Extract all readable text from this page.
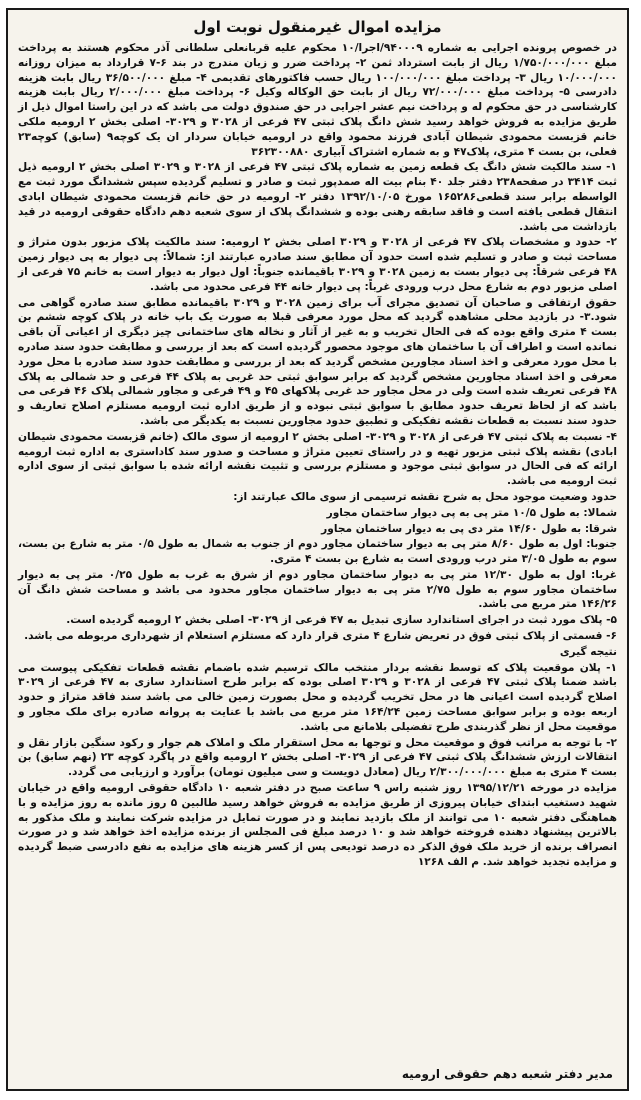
مزایده اموال غیرمنقول نوبت اول
در خصوص پرونده اجرایی به شماره ۹۴۰۰۰۹/اجرا/۱۰ محکوم علیه قربانعلی سلطانی آذر محکوم هستند به پرداخت مبلغ ۱/۷۵۰/۰۰۰/۰۰۰ ریال از بابت استرداد ثمن ۲- پرداخت ضرر و زیان مندرج در بند ۶-۷ قرارداد به میزان روزانه ۱۰/۰۰۰/۰۰۰ ریال ۳- پرداخت مبلغ ۱۰۰/۰۰۰/۰۰۰ ریال حسب فاکتورهای تقدیمی ۴- مبلغ ۳۶/۵۰۰/۰۰۰ ریال بابت هزینه دادرسی ۵- پرداخت مبلغ ۷۲/۰۰۰/۰۰۰ ریال از بابت حق الوکاله وکیل ۶- پرداخت مبلغ ۲/۰۰۰/۰۰۰ ریال بابت هزینه کارشناسی در حق محکوم له و پرداخت نیم عشر اجرایی در حق صندوق دولت می باشد که در این راستا اموال ذیل از طریق مزایده به فروش خواهد رسید شش دانگ پلاک ثبتی ۴۷ فرعی از ۳۰۲۸ و ۳۰۲۹- اصلی بخش ۲ ارومیه ملکی خانم قزبست محمودی شیطان آبادی فرزند محمود واقع در ارومیه خیابان سردار ان یک کوچه۹ (سابق) کوچه۲۳ فعلی، بن بست ۴ متری، پلاک۴۷ و به شماره اشتراک آبیاری ۳۶۲۳۰۰۸۸۰
۱- سند مالکیت شش دانگ یک قطعه زمین به شماره پلاک ثبتی ۴۷ فرعی از ۳۰۲۸ و ۳۰۲۹ اصلی بخش ۲ ارومیه ذیل ثبت ۳۴۱۴ در صفحه۲۳۸ دفتر جلد ۴۰ بنام بیت اله صمدپور ثبت و صادر و تسلیم گردیده سپس ششدانگ مورد ثبت مع الواسطه برابر سند قطعی۱۶۵۲۸۶ مورخ ۱۳۹۲/۱۰/۰۵ دفتر ۲- ارومیه در حق خانم قزبست محمودی شیطان ابادی انتقال قطعی یافته است و فاقد سابقه رهنی بوده و ششدانگ پلاک از سوی شعبه دهم دادگاه حقوقی ارومیه در قید بازداشت می باشد.
۲- حدود و مشخصات پلاک ۴۷ فرعی از ۳۰۲۸ و ۳۰۲۹ اصلی بخش ۲ ارومیه: سند مالکیت پلاک مزبور بدون متراژ و مساحت ثبت و صادر و تسلیم شده است حدود آن مطابق سند صادره عبارتند از: شمالاً: پی دیوار به پی دیوار زمین ۴۸ فرعی شرقاً: پی دیوار بست به زمین ۳۰۲۸ و ۳۰۲۹ باقیمانده جنوباً: اول دیوار به دیوار است به خانم ۷۵ فرعی از اصلی مزبور دوم به شارع محل درب ورودی غرباً: پی دیوار خانه ۴۴ فرعی محدود می باشد.
حقوق ارتفاقی و صاحبان آن تصدیق مجرای آب برای زمین ۳۰۲۸ و ۳۰۲۹ باقیمانده مطابق سند صادره گواهی می شود.۳- در بازدید محلی مشاهده گردید که محل مورد معرفی قبلا به صورت یک باب خانه در پلاک کوچه ششم بن بست ۴ متری واقع بوده که فی الحال تخریب و به غیر از آثار و نخاله های ساختمانی چیز دیگری از اعیانی آن باقی نمانده است و اطراف آن با ساختمان های موجود محصور گردیده است که بعد از بررسی و مطابقت حدود سند صادره با محل مورد معرفی و اخذ اسناد مجاورین مشخص گردید که بعد از بررسی و مطابقت حدود سند صادره با محل مورد معرفی و اخذ اسناد مجاورین مشخص گردید که برابر سوابق ثبتی حد غربی به پلاک ۴۴ فرعی و حد شمالی به پلاک ۴۸ فرعی تعریف شده است ولی در محل مجاور حد غربی پلاکهای ۴۵ و ۴۹ فرعی و مجاور شمالی پلاک ۴۶ فرعی می باشد که از لحاظ تعریف حدود مطابق با سوابق ثبتی نبوده و از طریق اداره ثبت ارومیه مستلزم اصلاح تعاریف و حدود سند نسبت به قطعات نقشه تفکیکی و تطبیق حدود مجاورین نسبت به یکدیگر می باشد.
۴- نسبت به پلاک ثبتی ۴۷ فرعی از ۳۰۲۸ و ۳۰۲۹- اصلی بخش ۲ ارومیه از سوی مالک (خانم قزبست محمودی شیطان ابادی) نقشه پلاک ثبتی مزبور تهیه و در راستای تعیین متراژ و مساحت و صدور سند کاداستری به اداره ثبت ارومیه ارائه که فی الحال در سوابق ثبتی موجود و مستلزم بررسی و تثبیت نقشه ارائه شده با سوابق ثبتی از سوی اداره ثبت ارومیه می باشد.
حدود وضعیت موجود محل به شرح نقشه ترسیمی از سوی مالک عبارتند از:
شمالا: به طول ۱۰/۵ متر پی به پی دیوار ساختمان مجاور
شرقا: به طول ۱۴/۶۰ متر دی پی به دیوار ساختمان مجاور
جنوبا: اول به طول ۸/۶۰ متر پی به دیوار ساختمان مجاور دوم از جنوب به شمال به طول ۰/۵ متر به شارع بن بست، سوم به طول ۳/۰۵ متر درب ورودی است به شارع بن بست ۴ متری.
غربا: اول به طول ۱۲/۳۰ متر پی به دیوار ساختمان مجاور دوم از شرق به غرب به طول ۰/۲۵ متر پی به دیوار ساختمان مجاور سوم به طول ۲/۷۵ متر پی به دیوار ساختمان مجاور محدود می باشد و مساحت شش دانگ آن ۱۴۶/۲۶ متر مربع می باشد.
۵- پلاک مورد ثبت در اجرای استاندارد سازی تبدیل به ۴۷ فرعی از ۳۰۲۹- اصلی بخش ۲ ارومیه گردیده است.
۶- قسمتی از پلاک ثبتی فوق در تعریض شارع ۴ متری قرار دارد که مستلزم استعلام از شهرداری مربوطه می باشد.
نتیجه گیری
۱- پلان موقعیت پلاک که توسط نقشه بردار منتخب مالک ترسیم شده باضمام نقشه قطعات تفکیکی پیوست می باشد ضمنا پلاک ثبتی ۴۷ فرعی از ۳۰۲۸ و ۳۰۲۹ اصلی بوده که برابر طرح استاندارد سازی به ۴۷ فرعی از ۳۰۲۹ اصلاح گردیده است اعیانی ها در محل تخریب گردیده و محل بصورت زمین خالی می باشد سند فاقد متراژ و حدود اربعه بوده و برابر سوابق مساحت زمین ۱۶۴/۲۴ متر مربع می باشد با عنایت به پروانه صادره برای ملک مجاور و موقعیت محل از نظر گذربندی طرح تفضیلی بلامانع می باشد.
۲- با توجه به مراتب فوق و موقعیت محل و توجها به محل استقرار ملک و املاک هم جوار و رکود سنگین بازار نقل و انتقالات ارزش ششدانگ پلاک ثبتی ۴۷ فرعی از ۳۰۲۹- اصلی بخش ۲ ارومیه واقع در پاگرد کوچه ۲۳ (نهم سابق) بن بست ۴ متری به مبلغ ۲/۳۰۰/۰۰۰/۰۰۰ ریال (معادل دویست و سی میلیون تومان) برآورد و ارزیابی می گردد.
مزایده در مورخه ۱۳۹۵/۱۲/۲۱ روز شنبه راس ۹ ساعت صبح در دفتر شعبه ۱۰ دادگاه حقوقی ارومیه واقع در خیابان شهید دستغیب ابتدای خیابان پیروزی از طریق مزایده به فروش خواهد رسید طالبین ۵ روز مانده به روز مزایده و با هماهنگی دفتر شعبه ۱۰ می توانند از ملک بازدید نمایند و در صورت تمایل در مزایده شرکت نمایند و ملک مذکور به بالاترین پیشنهاد دهنده فروخته خواهد شد و ۱۰ درصد مبلغ فی المجلس از برنده مزایده اخذ خواهد شد و در صورت انصراف برنده از خرید ملک فوق الذکر ده درصد تودیعی پس از کسر هزینه های مزایده به نفع دادرسی ضبط گردیده و مزایده تجدید خواهد شد. م الف ۱۲۶۸
مدیر دفتر شعبه دهم حقوقی ارومیه
